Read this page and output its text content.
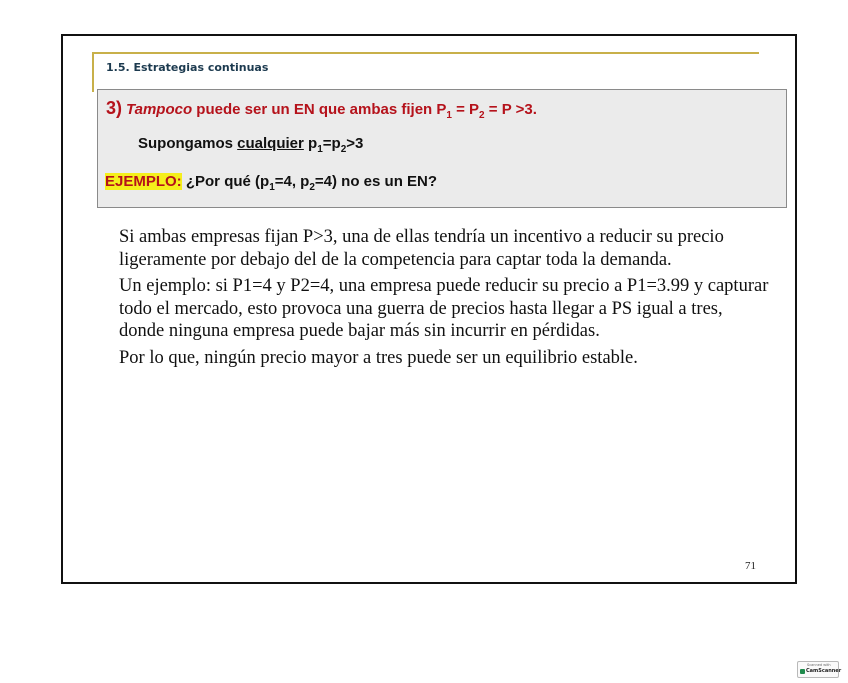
1.5. Estrategias continuas
3) Tampoco puede ser un EN que ambas fijen $P_1 = P_2 = P >3$.
Supongamos cualquier $p_1=p_2>3$
EJEMPLO: ¿Por qué ($p_1=4$, $p_2=4$) no es un EN?

Si ambas empresas fijan P>3, una de ellas tendría un incentivo a reducir su precio ligeramente por debajo del de la competencia para captar toda la demanda.

Un ejemplo: si P1=4 y P2=4, una empresa puede reducir su precio a P1=3.99 y capturar todo el mercado, esto provoca una guerra de precios hasta llegar a PS igual a tres, donde ninguna empresa puede bajar más sin incurrir en pérdidas.

Por lo que, ningún precio mayor a tres puede ser un equilibrio estable.

71
Scanned with
CamScanner
